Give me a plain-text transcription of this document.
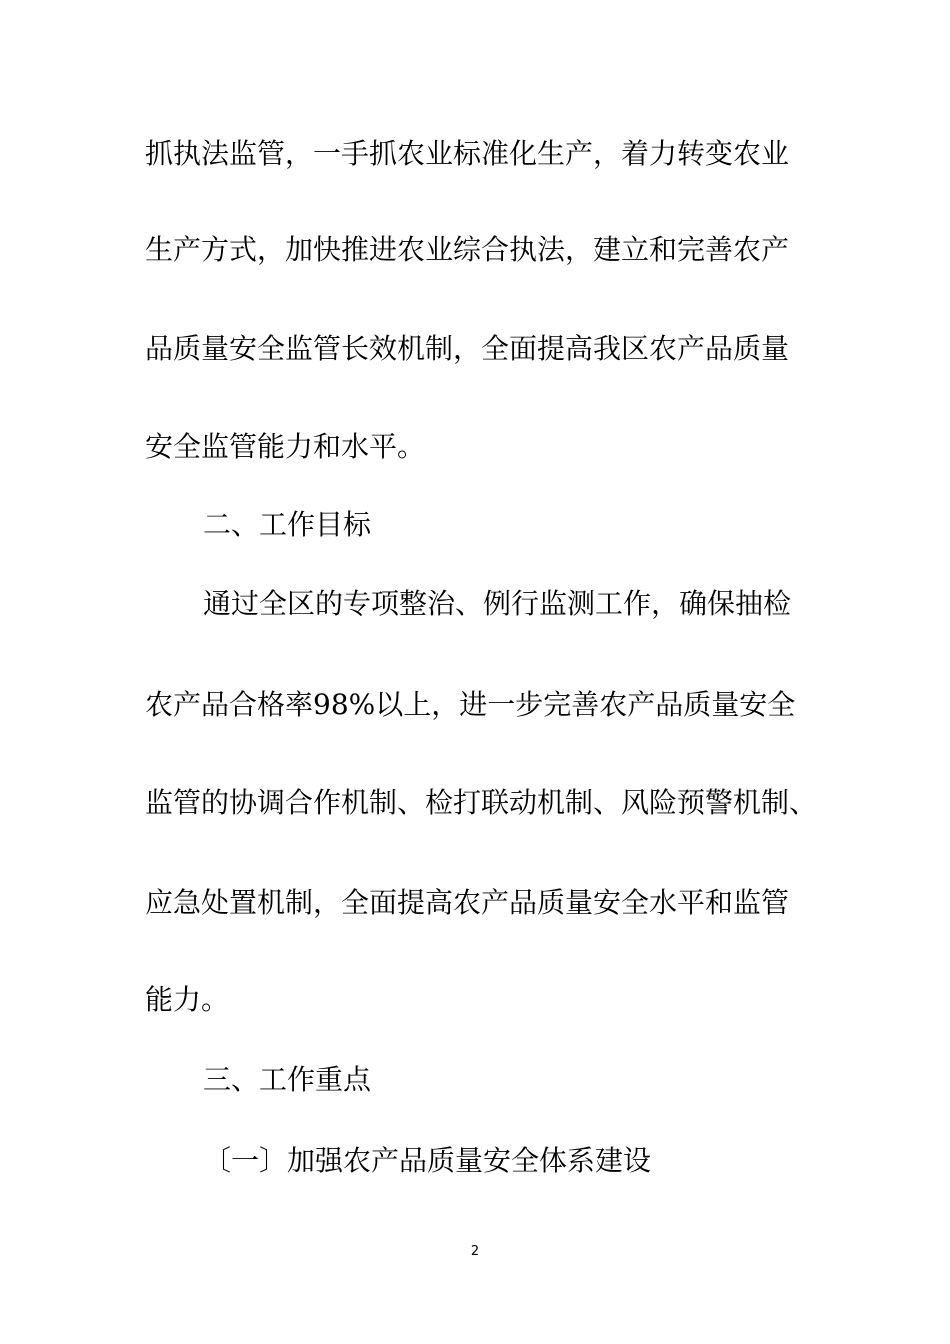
抓执法监管，一手抓农业标准化生产，着力转变农业
生产方式，加快推进农业综合执法，建立和完善农产
品质量安全监管长效机制，全面提高我区农产品质量
安全监管能力和水平。
二、工作目标
通过全区的专项整治、例行监测工作，确保抽检
农产品合格率98%以上，进一步完善农产品质量安全
监管的协调合作机制、检打联动机制、风险预警机制、
应急处置机制，全面提高农产品质量安全水平和监管
能力。
三、工作重点
〔一〕加强农产品质量安全体系建设
2
